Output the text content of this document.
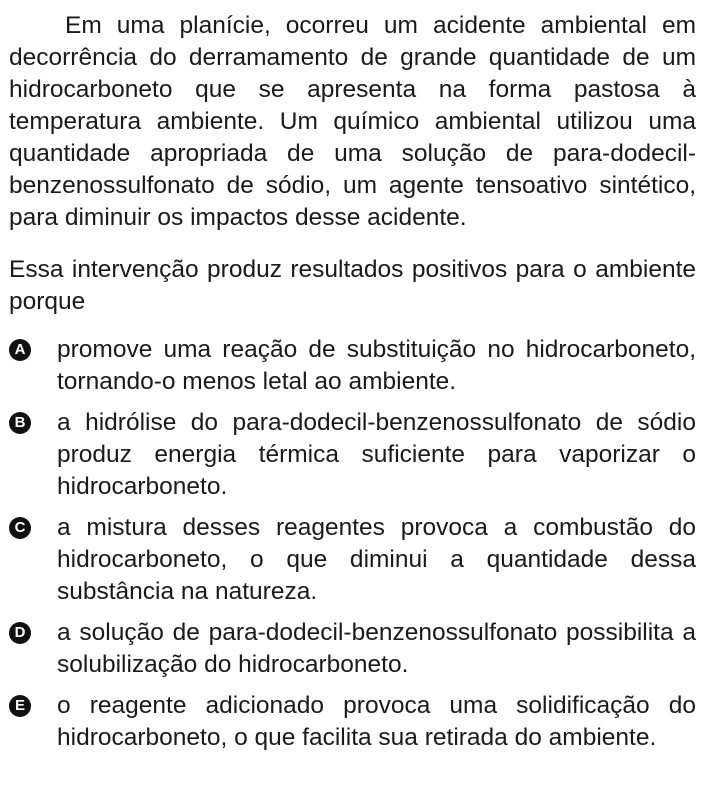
Em uma planície, ocorreu um acidente ambiental em decorrência do derramamento de grande quantidade de um hidrocarboneto que se apresenta na forma pastosa à temperatura ambiente. Um químico ambiental utilizou uma quantidade apropriada de uma solução de para-dodecil-benzenossulfonato de sódio, um agente tensoativo sintético, para diminuir os impactos desse acidente.

Essa intervenção produz resultados positivos para o ambiente porque

A promove uma reação de substituição no hidrocarboneto, tornando-o menos letal ao ambiente.
B a hidrólise do para-dodecil-benzenossulfonato de sódio produz energia térmica suficiente para vaporizar o hidrocarboneto.
C a mistura desses reagentes provoca a combustão do hidrocarboneto, o que diminui a quantidade dessa substância na natureza.
D a solução de para-dodecil-benzenossulfonato possibilita a solubilização do hidrocarboneto.
E o reagente adicionado provoca uma solidificação do hidrocarboneto, o que facilita sua retirada do ambiente.
